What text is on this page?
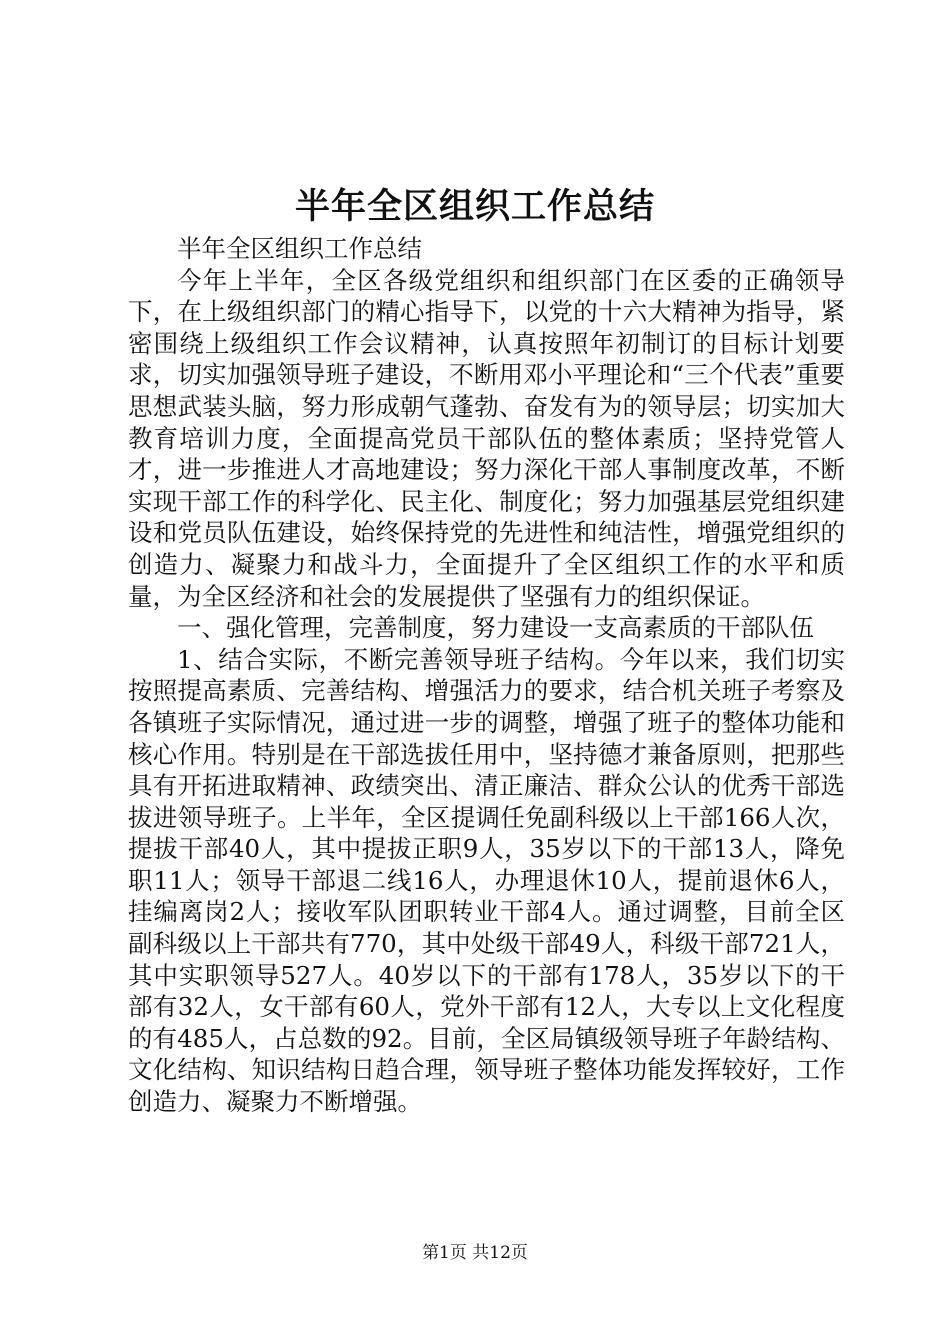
半年全区组织工作总结

半年全区组织工作总结

今年上半年，全区各级党组织和组织部门在区委的正确领导下，在上级组织部门的精心指导下，以党的十六大精神为指导，紧密围绕上级组织工作会议精神，认真按照年初制订的目标计划要求，切实加强领导班子建设，不断用邓小平理论和“三个代表”重要思想武装头脑，努力形成朝气蓬勃、奋发有为的领导层；切实加大教育培训力度，全面提高党员干部队伍的整体素质；坚持党管人才，进一步推进人才高地建设；努力深化干部人事制度改革，不断实现干部工作的科学化、民主化、制度化；努力加强基层党组织建设和党员队伍建设，始终保持党的先进性和纯洁性，增强党组织的创造力、凝聚力和战斗力，全面提升了全区组织工作的水平和质量，为全区经济和社会的发展提供了坚强有力的组织保证。

一、强化管理，完善制度，努力建设一支高素质的干部队伍

1、结合实际，不断完善领导班子结构。今年以来，我们切实按照提高素质、完善结构、增强活力的要求，结合机关班子考察及各镇班子实际情况，通过进一步的调整，增强了班子的整体功能和核心作用。特别是在干部选拔任用中，坚持德才兼备原则，把那些具有开拓进取精神、政绩突出、清正廉洁、群众公认的优秀干部选拔进领导班子。上半年，全区提调任免副科级以上干部166人次，提拔干部40人，其中提拔正职9人，35岁以下的干部13人，降免职11人；领导干部退二线16人，办理退休10人，提前退休6人，挂编离岗2人；接收军队团职转业干部4人。通过调整，目前全区副科级以上干部共有770，其中处级干部49人，科级干部721人，其中实职领导527人。40岁以下的干部有178人，35岁以下的干部有32人，女干部有60人，党外干部有12人，大专以上文化程度的有485人，占总数的92。目前，全区局镇级领导班子年龄结构、文化结构、知识结构日趋合理，领导班子整体功能发挥较好，工作创造力、凝聚力不断增强。

第1页 共12页
